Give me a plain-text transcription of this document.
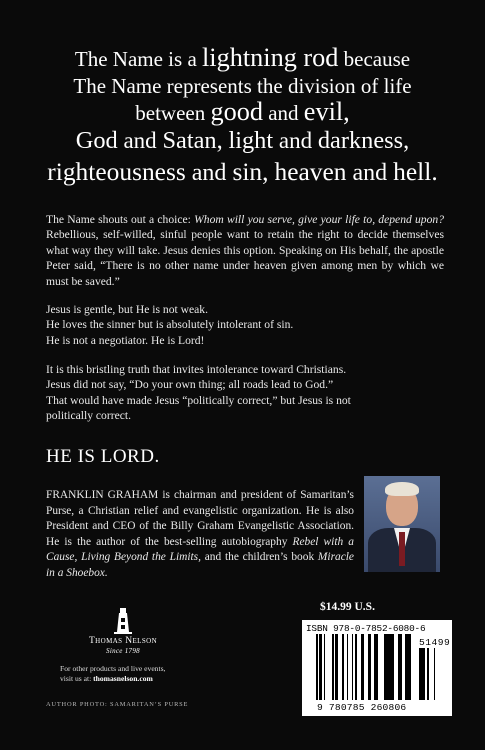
The Name is a lightning rod because
The Name represents the division of life
between good and evil,
God and Satan, light and darkness,
righteousness and sin, heaven and hell.
The Name shouts out a choice: Whom will you serve, give your life to, depend upon? Rebellious, self-willed, sinful people want to retain the right to decide themselves what way they will take. Jesus denies this option. Speaking on His behalf, the apostle Peter said, “There is no other name under heaven given among men by which we must be saved.”
Jesus is gentle, but He is not weak.
He loves the sinner but is absolutely intolerant of sin.
He is not a negotiator. He is Lord!
It is this bristling truth that invites intolerance toward Christians.
Jesus did not say, “Do your own thing; all roads lead to God.”
That would have made Jesus “politically correct,” but Jesus is not
politically correct.
HE IS LORD.
FRANKLIN GRAHAM is chairman and president of Samaritan’s Purse, a Christian relief and evangelistic organization. He is also President and CEO of the Billy Graham Evangelistic Association. He is the author of the best-selling autobiography Rebel with a Cause, Living Beyond the Limits, and the children’s book Miracle in a Shoebox.
Thomas Nelson
Since 1798
For other products and live events,
visit us at: thomasnelson.com
AUTHOR PHOTO: SAMARITAN’S PURSE
$14.99 U.S.
ISBN 978-0-7852-6080-6
51499
9 780785 260806
